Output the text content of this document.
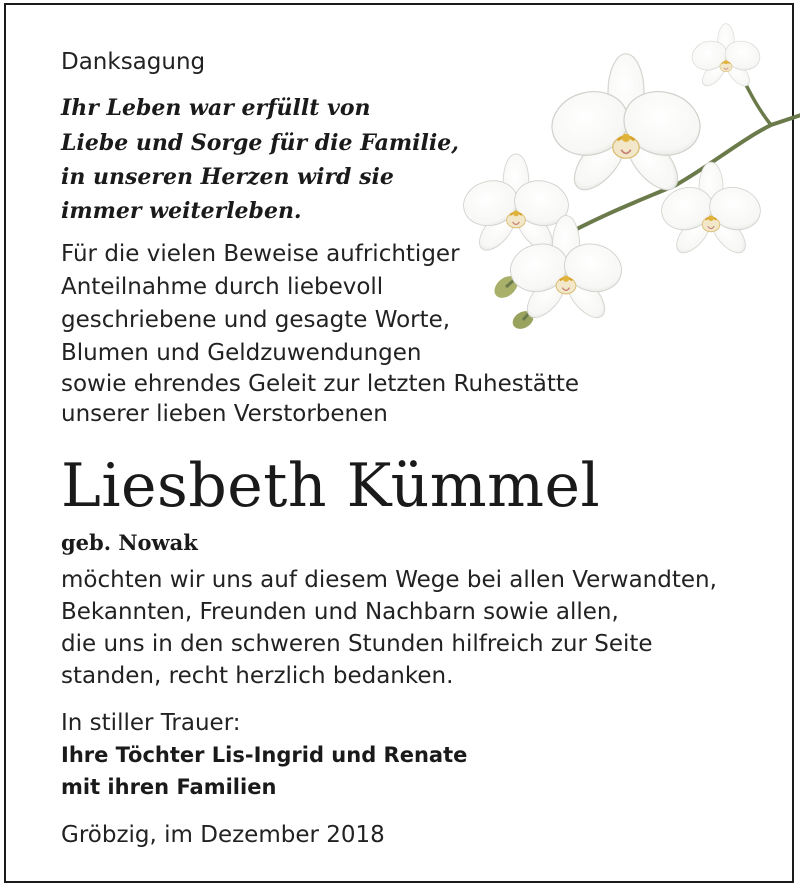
Danksagung

Ihr Leben war erfüllt von

Liebe und Sorge für die Familie,

in unseren Herzen wird sie

immer weiterleben.

Für die vielen Beweise aufrichtiger

Anteilnahme durch liebevoll

geschriebene und gesagte Worte,

Blumen und Geldzuwendungen

sowie ehrendes Geleit zur letzten Ruhestätte

unserer lieben Verstorbenen

Liesbeth Kümmel

geb. Nowak

möchten wir uns auf diesem Wege bei allen Verwandten,

Bekannten, Freunden und Nachbarn sowie allen,

die uns in den schweren Stunden hilfreich zur Seite

standen, recht herzlich bedanken.

In stiller Trauer:

Ihre Töchter Lis-Ingrid und Renate

mit ihren Familien

Gröbzig, im Dezember 2018
